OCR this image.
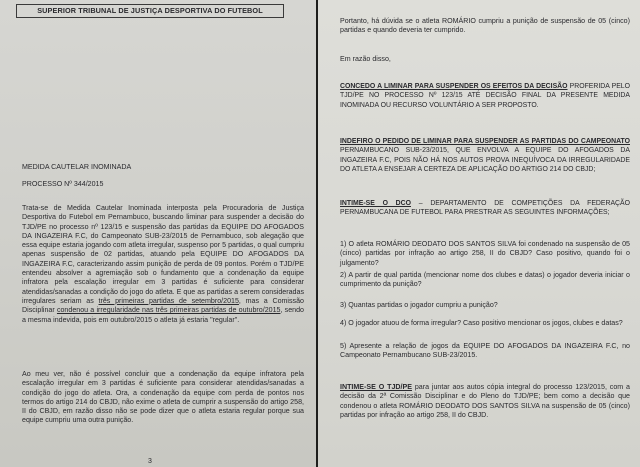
SUPERIOR TRIBUNAL DE JUSTIÇA DESPORTIVA DO FUTEBOL

MEDIDA CAUTELAR INOMINADA

PROCESSO Nº 344/2015

Trata-se de Medida Cautelar Inominada interposta pela Procuradoria de Justiça Desportiva do Futebol em Pernambuco, buscando liminar para suspender a decisão do TJD/PE no processo nº 123/15 e suspensão das partidas da EQUIPE DO AFOGADOS DA INGAZEIRA F.C, do Campeonato SUB-23/2015 de Pernambuco, sob alegação que essa equipe estaria jogando com atleta irregular, suspenso por 5 partidas, o qual cumpriu apenas suspensão de 02 partidas, atuando pela EQUIPE DO AFOGADOS DA INGAZEIRA F.C, caracterizando assim punição de perda de 09 pontos. Porém o TJD/PE entendeu absolver a agremiação sob o fundamento que a condenação da equipe infratora pela escalação irregular em 3 partidas é suficiente para considerar atendidas/sanadas a condição do jogo do atleta. E que as partidas a serem consideradas irregulares seriam as três primeiras partidas de setembro/2015, mas a Comissão Disciplinar condenou a irregularidade nas três primeiras partidas de outubro/2015, sendo a mesma indevida, pois em outubro/2015 o atleta já estaria "regular".

Ao meu ver, não é possível concluir que a condenação da equipe infratora pela escalação irregular em 3 partidas é suficiente para considerar atendidas/sanadas a condição do jogo do atleta. Ora, a condenação da equipe com perda de pontos nos termos do artigo 214 do CBJD, não exime o atleta de cumprir a suspensão do artigo 258, II do CBJD, em razão disso não se pode dizer que o atleta estaria regular porque sua equipe cumpriu uma outra punição.

3

Portanto, há dúvida se o atleta ROMÁRIO cumpriu a punição de suspensão de 05 (cinco) partidas e quando deveria ter cumprido.

Em razão disso,

CONCEDO A LIMINAR PARA SUSPENDER OS EFEITOS DA DECISÃO PROFERIDA PELO TJD/PE NO PROCESSO Nº 123/15 ATÉ DECISÃO FINAL DA PRESENTE MEDIDA INOMINADA OU RECURSO VOLUNTÁRIO A SER PROPOSTO.

INDEFIRO O PEDIDO DE LIMINAR PARA SUSPENDER AS PARTIDAS DO CAMPEONATO PERNAMBUCANO SUB-23/2015, QUE ENVOLVA A EQUIPE DO AFOGADOS DA INGAZEIRA F.C, POIS NÃO HÁ NOS AUTOS PROVA INEQUÍVOCA DA IRREGULARIDADE DO ATLETA A ENSEJAR A CERTEZA DE APLICAÇÃO DO ARTIGO 214 DO CBJD;

INTIME-SE O DCO – DEPARTAMENTO DE COMPETIÇÕES DA FEDERAÇÃO PERNAMBUCANA DE FUTEBOL PARA PRESTRAR AS SEGUINTES INFORMAÇÕES;

1) O atleta ROMÁRIO DEODATO DOS SANTOS SILVA foi condenado na suspensão de 05 (cinco) partidas por infração ao artigo 258, II do CBJD? Caso positivo, quando foi o julgamento?

2) A partir de qual partida (mencionar nome dos clubes e datas) o jogador deveria iniciar o cumprimento da punição?

3) Quantas partidas o jogador cumpriu a punição?

4) O jogador atuou de forma irregular? Caso positivo mencionar os jogos, clubes e datas?

5) Apresente a relação de jogos da EQUIPE DO AFOGADOS DA INGAZEIRA F.C, no Campeonato Pernambucano SUB-23/2015.

INTIME-SE O TJD/PE para juntar aos autos cópia integral do processo 123/2015, com a decisão da 2ª Comissão Disciplinar e do Pleno do TJD/PE; bem como a decisão que condenou o atleta ROMÁRIO DEODATO DOS SANTOS SILVA na suspensão de 05 (cinco) partidas por infração ao artigo 258, II do CBJD.
